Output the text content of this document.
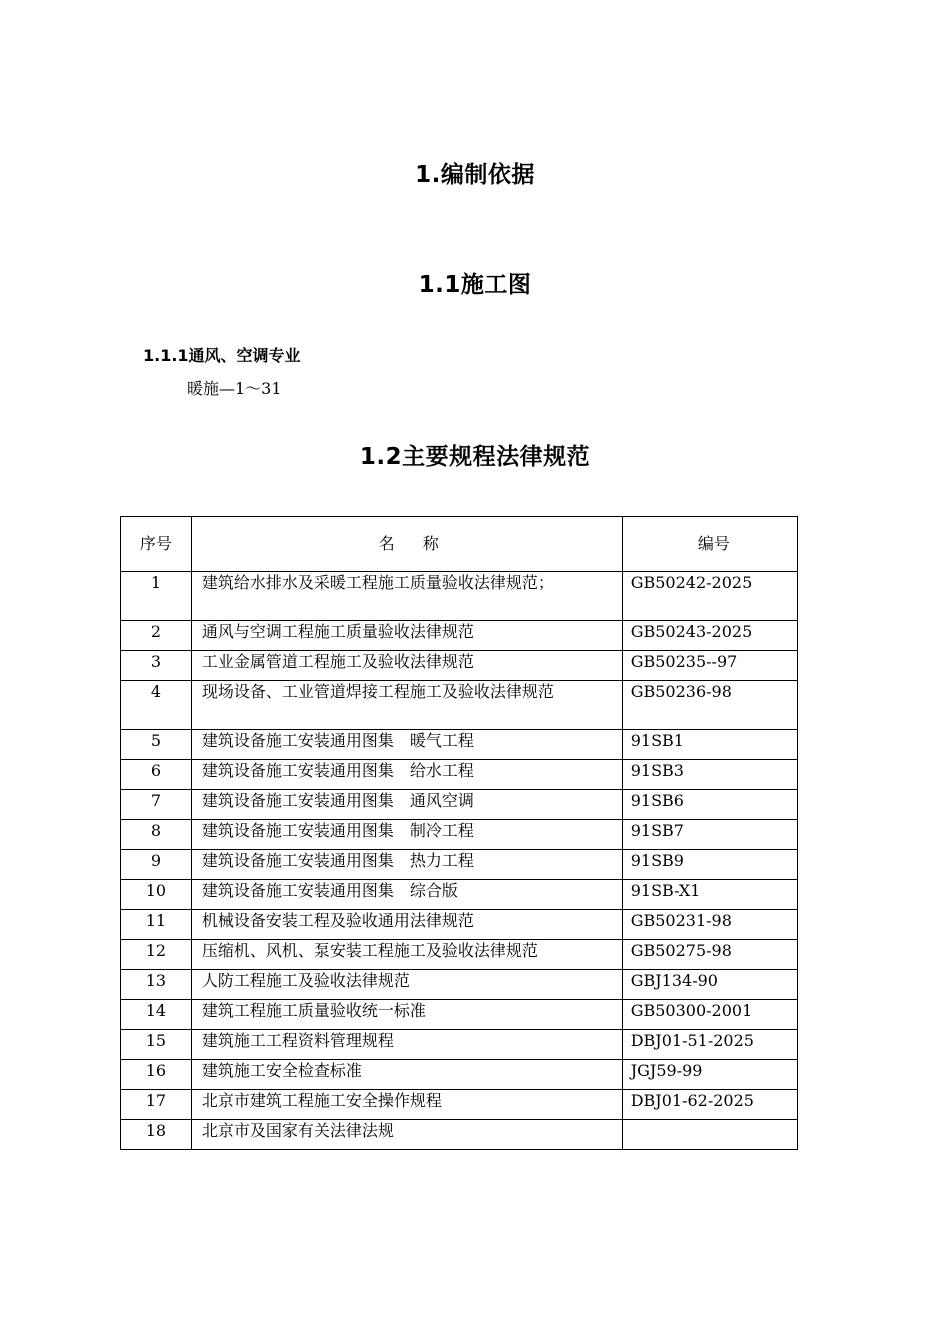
1.编制依据
1.1施工图
1.1.1通风、空调专业
暖施—1～31
1.2主要规程法律规范
序号	名称	编号
1	建筑给水排水及采暖工程施工质量验收法律规范；	GB50242-2025
2	通风与空调工程施工质量验收法律规范	GB50243-2025
3	工业金属管道工程施工及验收法律规范	GB50235--97
4	现场设备、工业管道焊接工程施工及验收法律规范	GB50236-98
5	建筑设备施工安装通用图集　暖气工程	91SB1
6	建筑设备施工安装通用图集　给水工程	91SB3
7	建筑设备施工安装通用图集　通风空调	91SB6
8	建筑设备施工安装通用图集　制冷工程	91SB7
9	建筑设备施工安装通用图集　热力工程	91SB9
10	建筑设备施工安装通用图集　综合版	91SB-X1
11	机械设备安装工程及验收通用法律规范	GB50231-98
12	压缩机、风机、泵安装工程施工及验收法律规范	GB50275-98
13	人防工程施工及验收法律规范	GBJ134-90
14	建筑工程施工质量验收统一标准	GB50300-2001
15	建筑施工工程资料管理规程	DBJ01-51-2025
16	建筑施工安全检查标准	JGJ59-99
17	北京市建筑工程施工安全操作规程	DBJ01-62-2025
18	北京市及国家有关法律法规	
